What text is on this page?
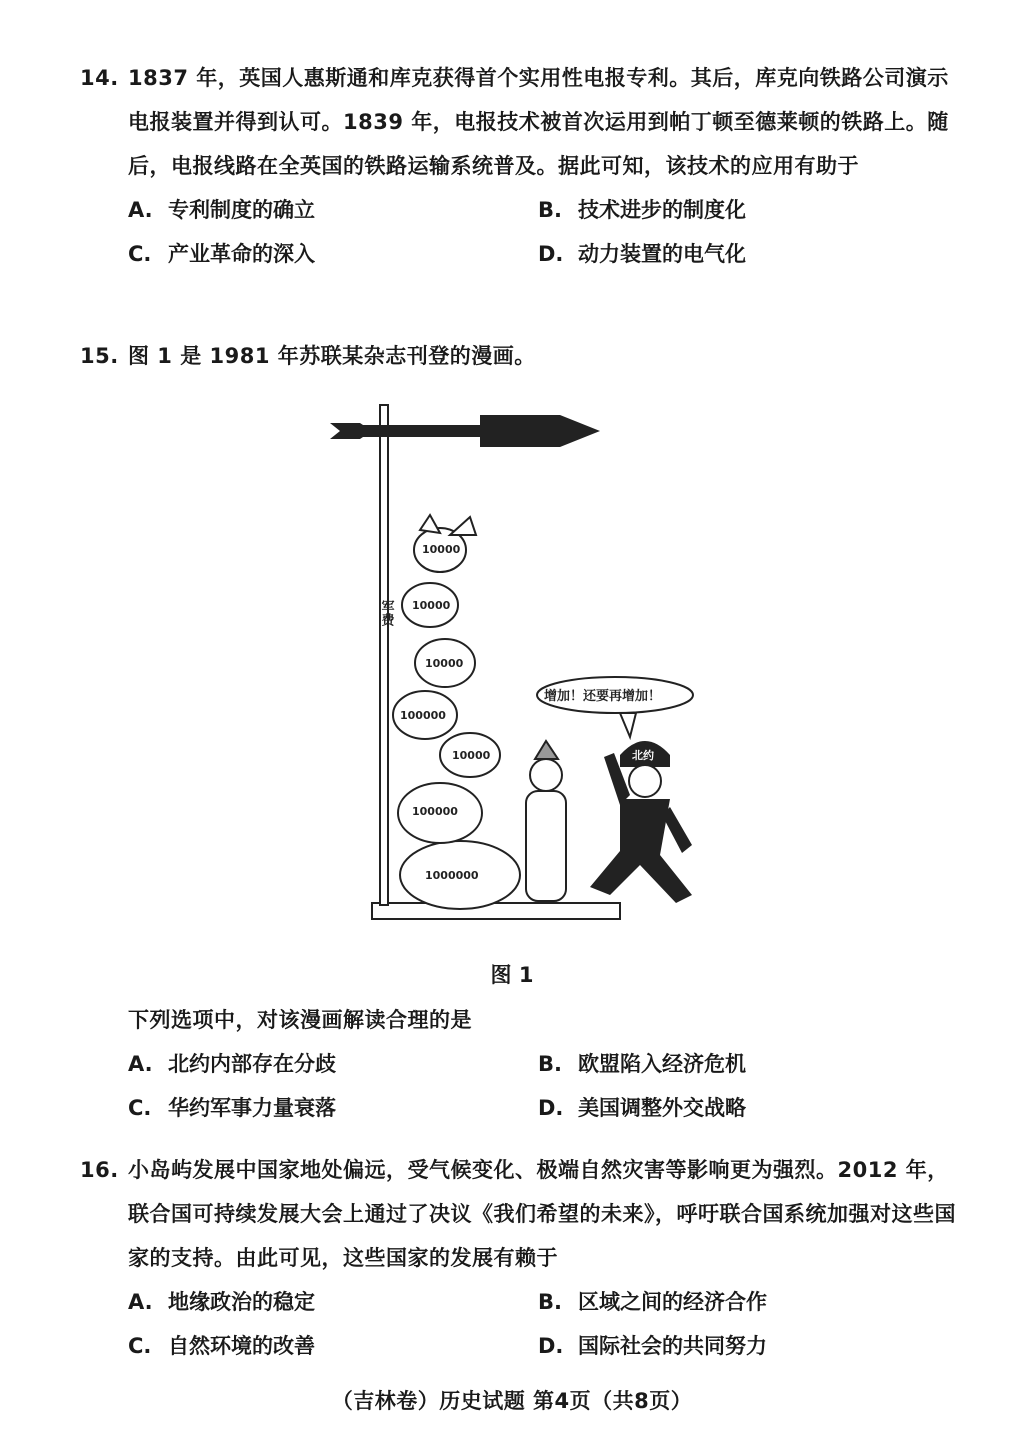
14. 1837 年，英国人惠斯通和库克获得首个实用性电报专利。其后，库克向铁路公司演示电报装置并得到认可。1839 年，电报技术被首次运用到帕丁顿至德莱顿的铁路上。随后，电报线路在全英国的铁路运输系统普及。据此可知，该技术的应用有助于
A. 专利制度的确立	B. 技术进步的制度化
C. 产业革命的深入	D. 动力装置的电气化
15. 图 1 是 1981 年苏联某杂志刊登的漫画。
军费
1000000
100000
10000
100000
10000
10000
10000
北约
增加！还要再增加！
图 1
下列选项中，对该漫画解读合理的是
A. 北约内部存在分歧	B. 欧盟陷入经济危机
C. 华约军事力量衰落	D. 美国调整外交战略
16. 小岛屿发展中国家地处偏远，受气候变化、极端自然灾害等影响更为强烈。2012 年，联合国可持续发展大会上通过了决议《我们希望的未来》，呼吁联合国系统加强对这些国家的支持。由此可见，这些国家的发展有赖于
A. 地缘政治的稳定	B. 区域之间的经济合作
C. 自然环境的改善	D. 国际社会的共同努力
（吉林卷）历史试题 第4页（共8页）
